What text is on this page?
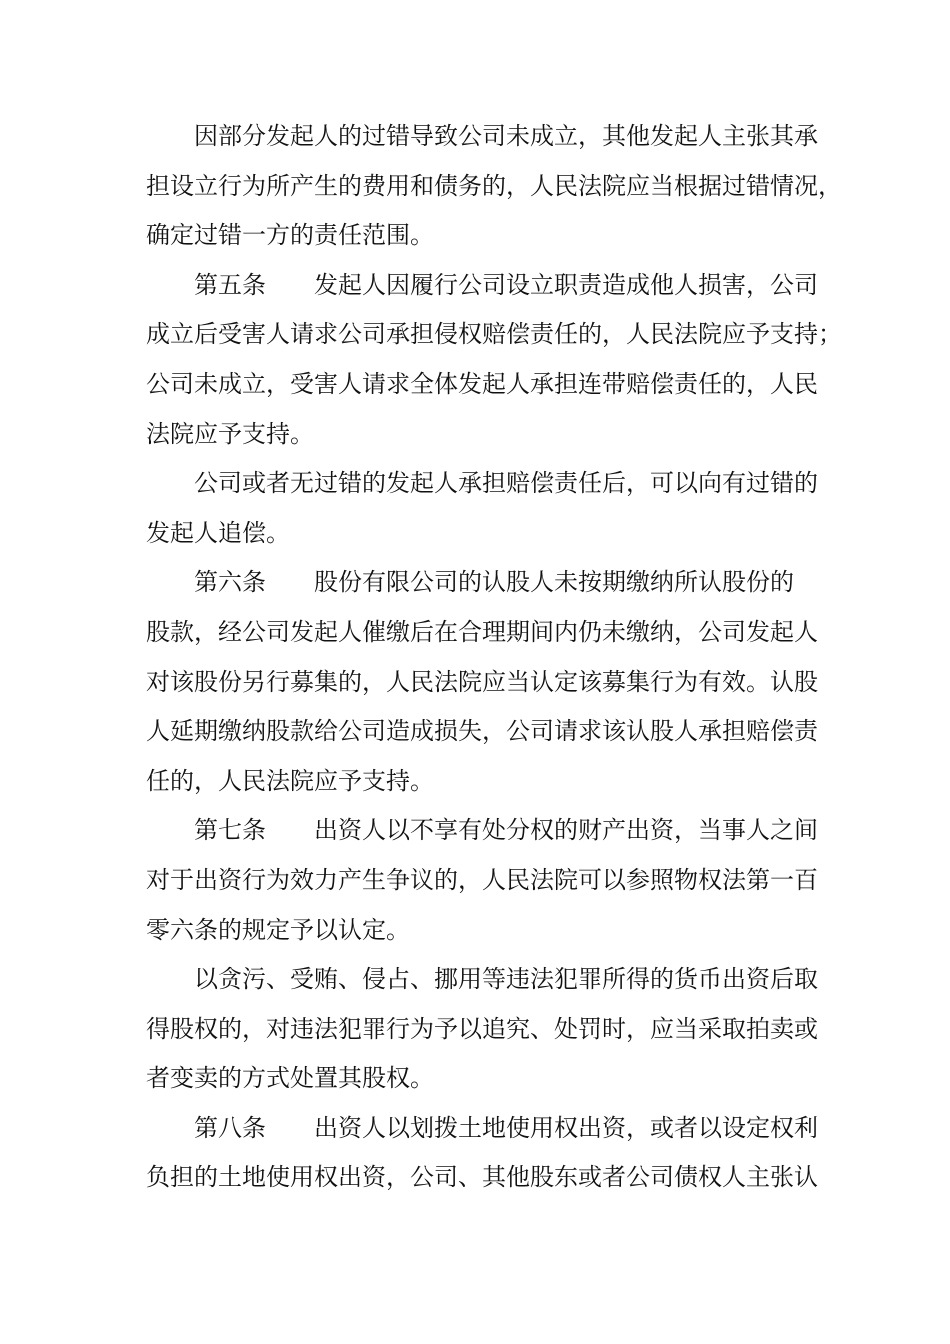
因部分发起人的过错导致公司未成立，其他发起人主张其承
担设立行为所产生的费用和债务的，人民法院应当根据过错情况，
确定过错一方的责任范围。
第五条 发起人因履行公司设立职责造成他人损害，公司
成立后受害人请求公司承担侵权赔偿责任的，人民法院应予支持；
公司未成立，受害人请求全体发起人承担连带赔偿责任的，人民
法院应予支持。
公司或者无过错的发起人承担赔偿责任后，可以向有过错的
发起人追偿。
第六条 股份有限公司的认股人未按期缴纳所认股份的
股款，经公司发起人催缴后在合理期间内仍未缴纳，公司发起人
对该股份另行募集的，人民法院应当认定该募集行为有效。认股
人延期缴纳股款给公司造成损失，公司请求该认股人承担赔偿责
任的，人民法院应予支持。
第七条 出资人以不享有处分权的财产出资，当事人之间
对于出资行为效力产生争议的，人民法院可以参照物权法第一百
零六条的规定予以认定。
以贪污、受贿、侵占、挪用等违法犯罪所得的货币出资后取
得股权的，对违法犯罪行为予以追究、处罚时，应当采取拍卖或
者变卖的方式处置其股权。
第八条 出资人以划拨土地使用权出资，或者以设定权利
负担的土地使用权出资，公司、其他股东或者公司债权人主张认
